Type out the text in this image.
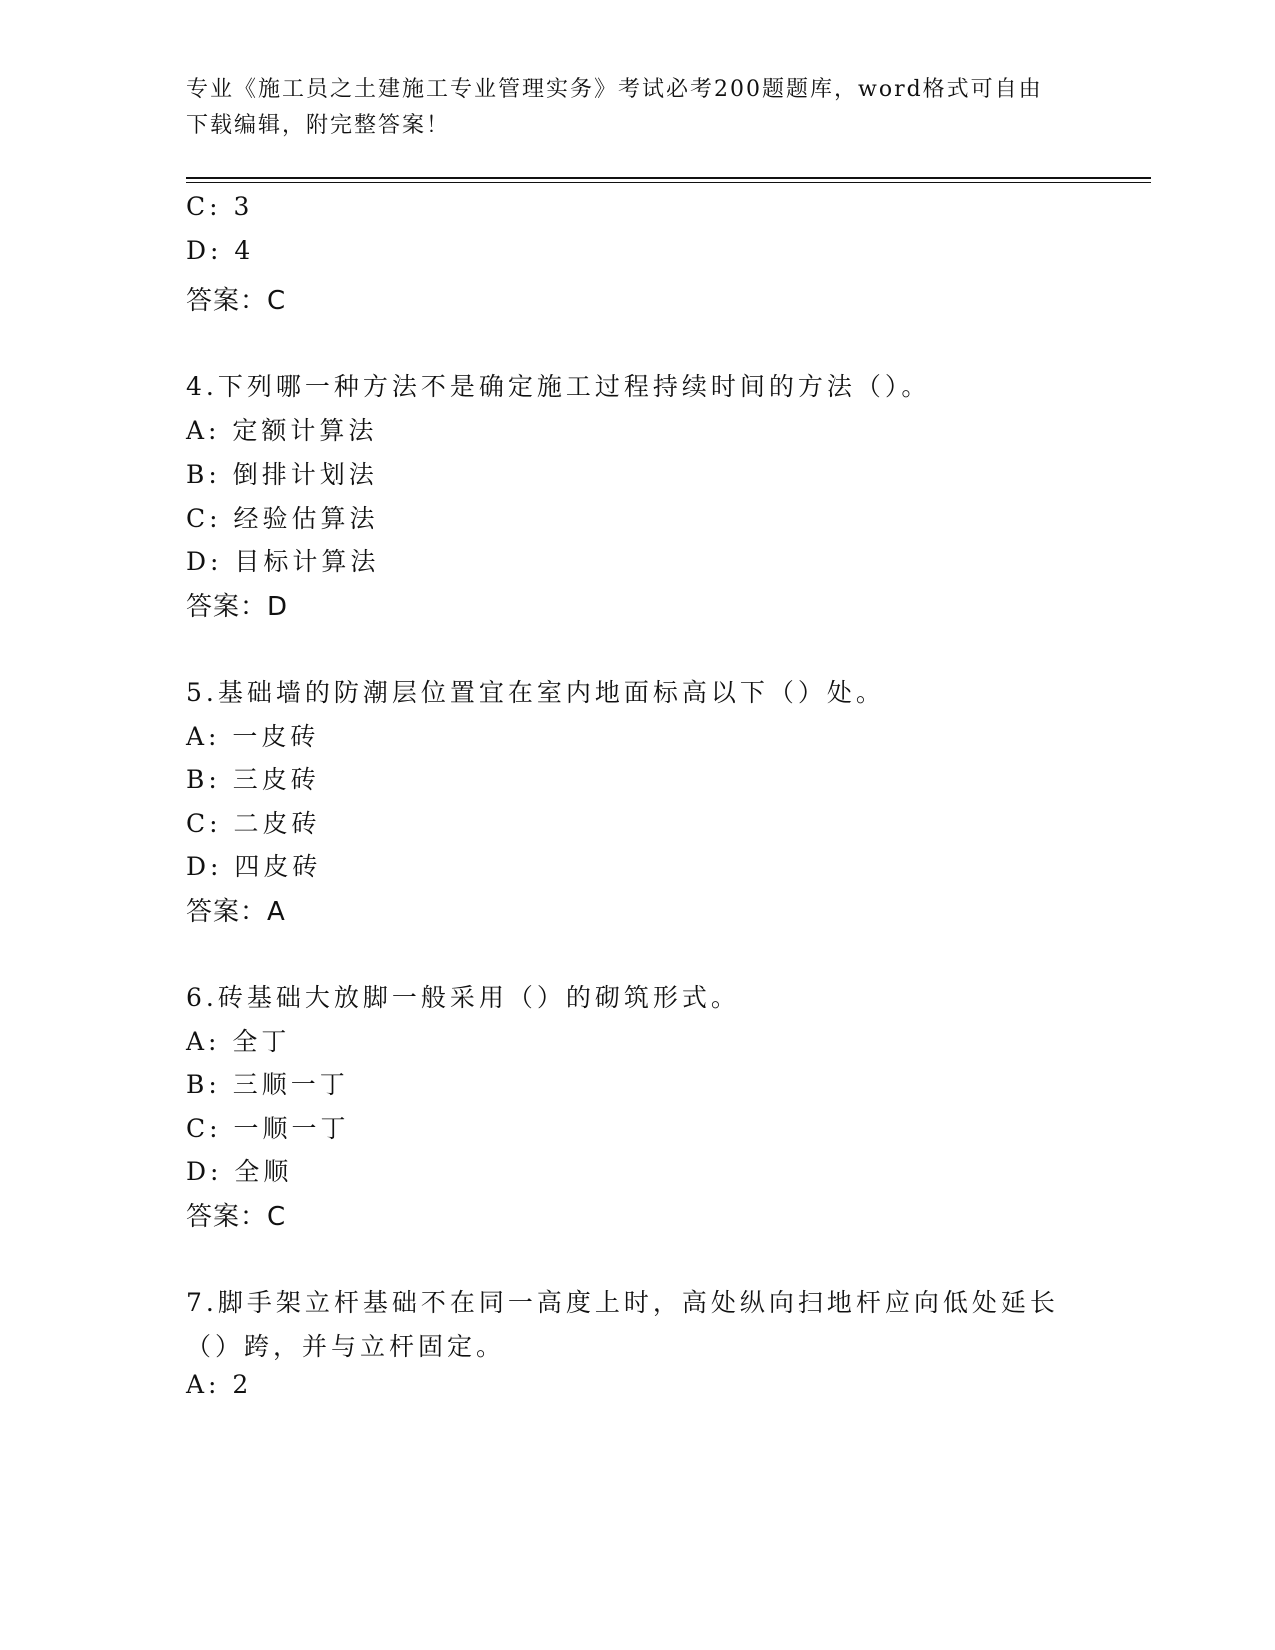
专业《施工员之土建施工专业管理实务》考试必考200题题库，word格式可自由
下载编辑，附完整答案！
C: 3
D: 4
答案：C
4.下列哪一种方法不是确定施工过程持续时间的方法（）。
A: 定额计算法
B: 倒排计划法
C: 经验估算法
D: 目标计算法
答案：D
5.基础墙的防潮层位置宜在室内地面标高以下（）处。
A: 一皮砖
B: 三皮砖
C: 二皮砖
D: 四皮砖
答案：A
6.砖基础大放脚一般采用（）的砌筑形式。
A: 全丁
B: 三顺一丁
C: 一顺一丁
D: 全顺
答案：C
7.脚手架立杆基础不在同一高度上时，高处纵向扫地杆应向低处延长
（）跨，并与立杆固定。
A: 2
